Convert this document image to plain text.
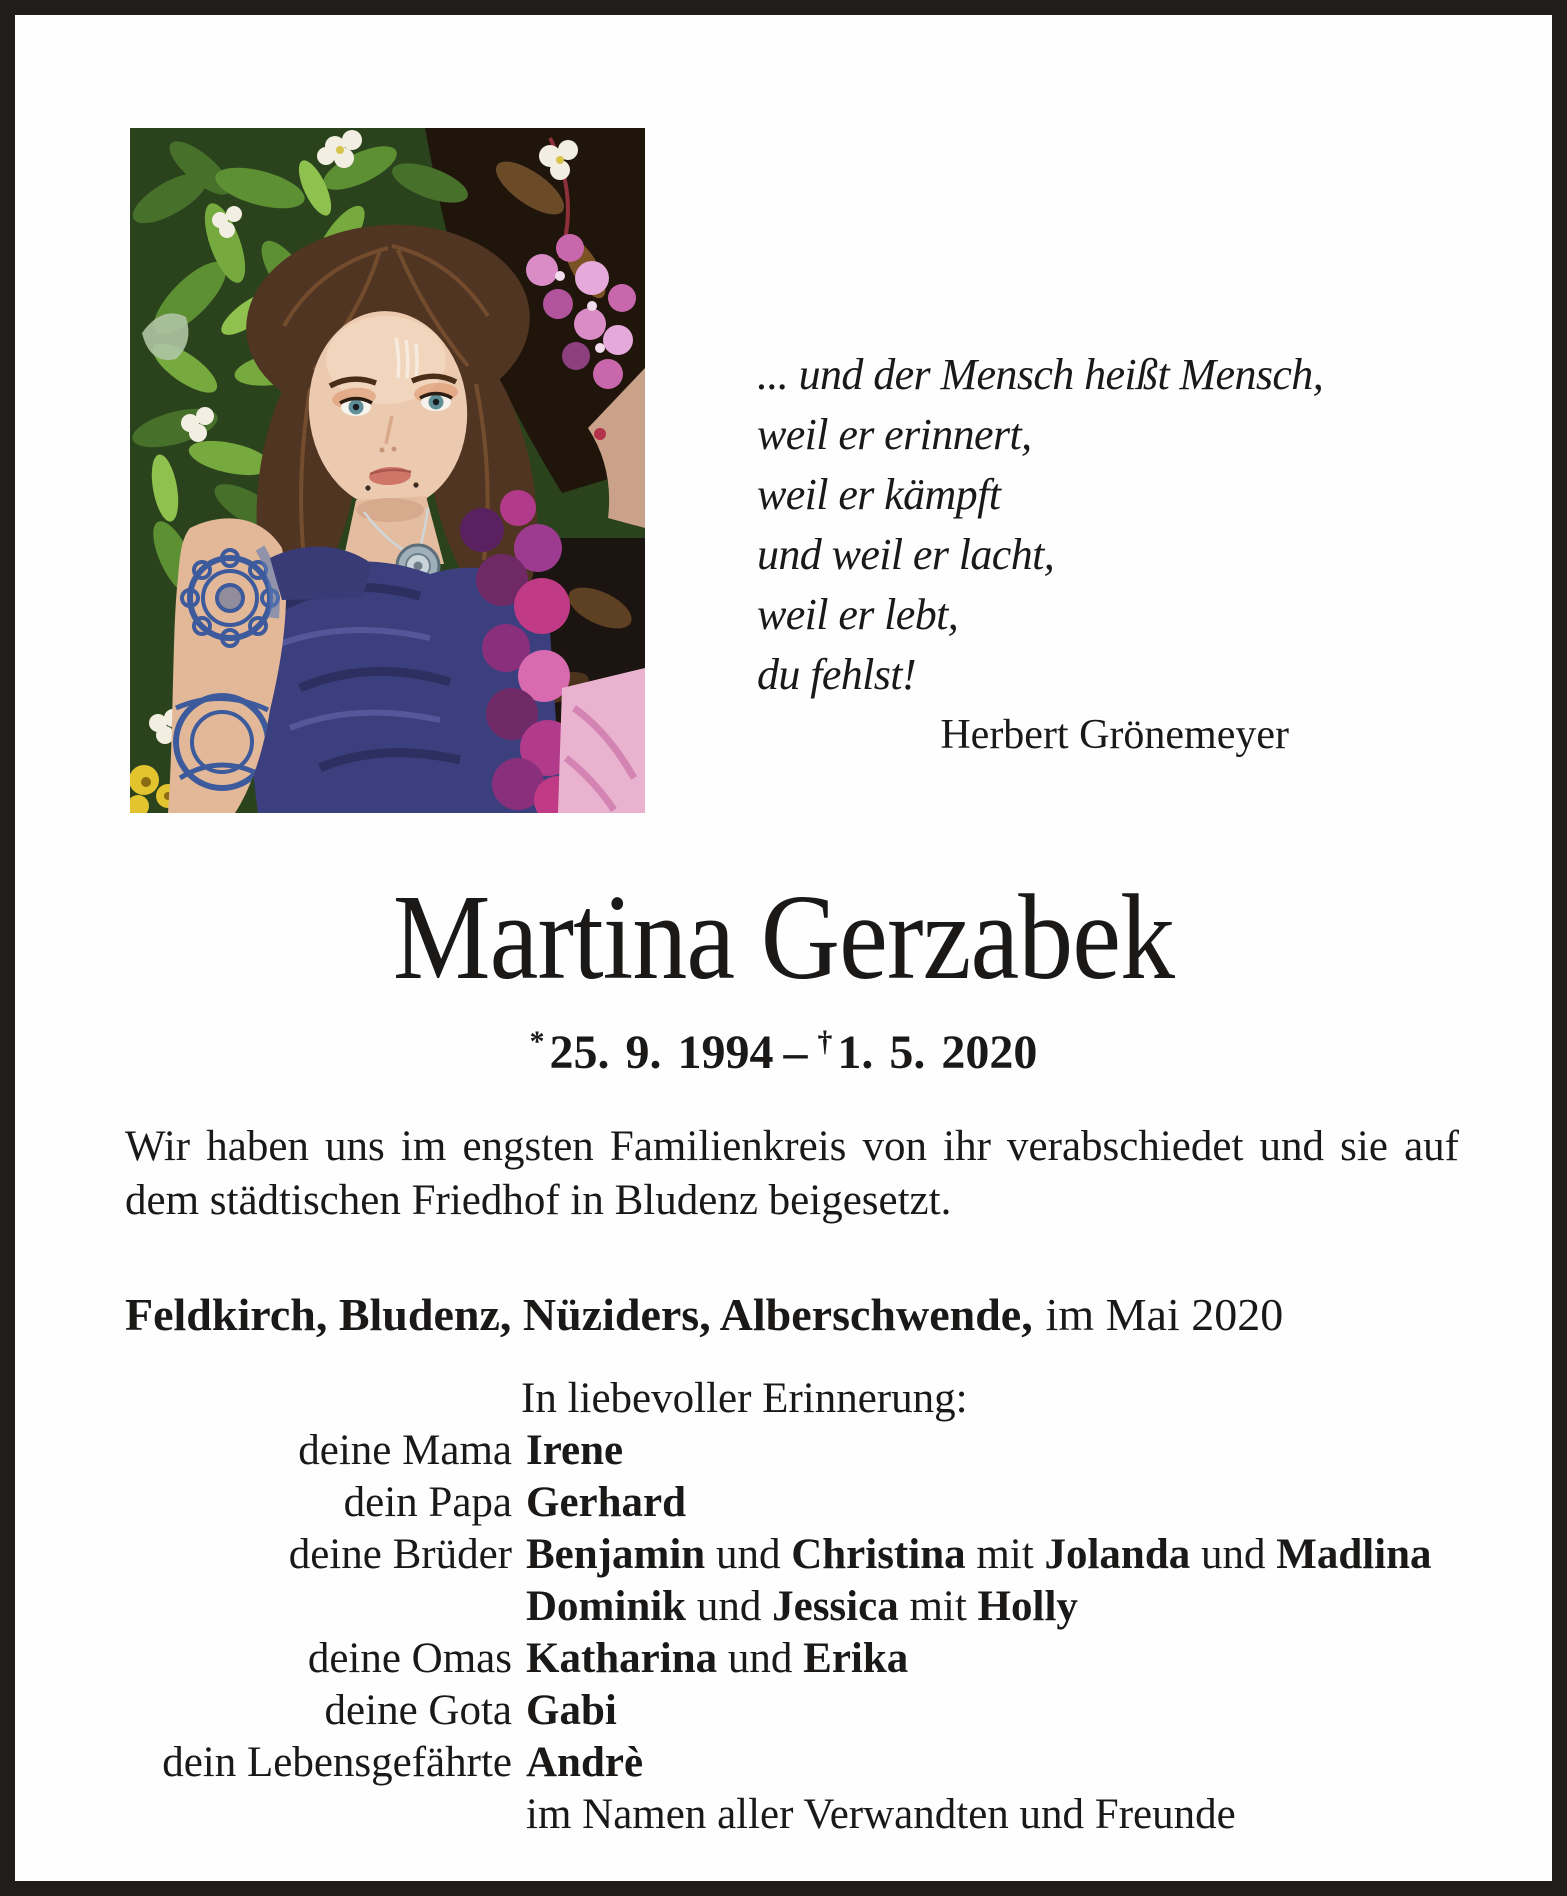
... und der Mensch heißt Mensch,
weil er erinnert,
weil er kämpft
und weil er lacht,
weil er lebt,
du fehlst!
Herbert Grönemeyer
Martina Gerzabek
* 25. 9. 1994 – † 1. 5. 2020
Wir haben uns im engsten Familienkreis von ihr verabschiedet und sie auf dem städtischen Friedhof in Bludenz beigesetzt.
Feldkirch, Bludenz, Nüziders, Alberschwende, im Mai 2020
In liebevoller Erinnerung:
deine Mama Irene
dein Papa Gerhard
deine Brüder Benjamin und Christina mit Jolanda und Madlina
Dominik und Jessica mit Holly
deine Omas Katharina und Erika
deine Gota Gabi
dein Lebensgefährte Andrè
im Namen aller Verwandten und Freunde
